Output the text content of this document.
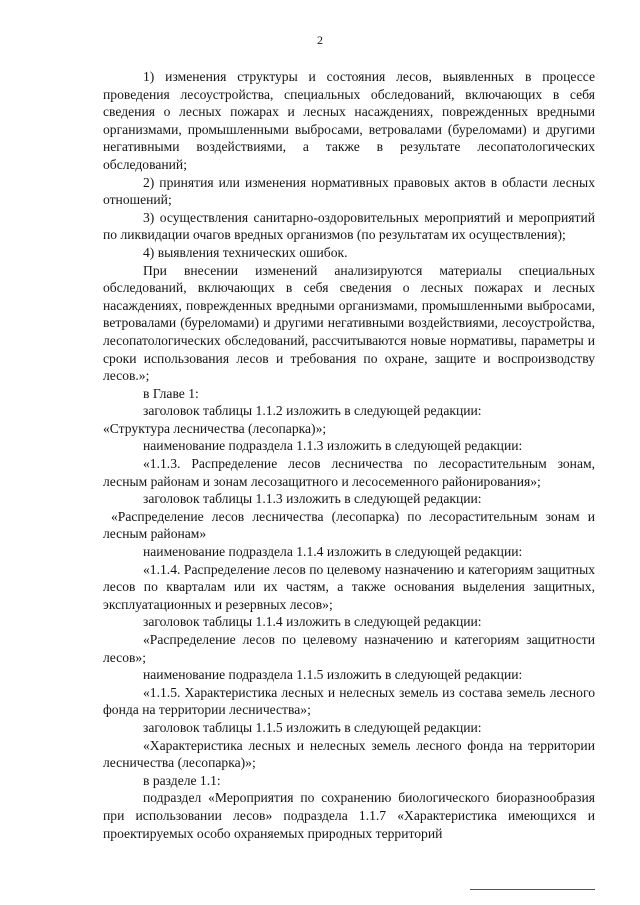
2

1) изменения структуры и состояния лесов, выявленных в процессе проведения лесоустройства, специальных обследований, включающих в себя сведения о лесных пожарах и лесных насаждениях, поврежденных вредными организмами, промышленными выбросами, ветровалами (буреломами) и другими негативными воздействиями, а также в результате лесопатологических обследований;

2) принятия или изменения нормативных правовых актов в области лесных отношений;

3) осуществления санитарно-оздоровительных мероприятий и мероприятий по ликвидации очагов вредных организмов (по результатам их осуществления);

4) выявления технических ошибок.

При внесении изменений анализируются материалы специальных обследований, включающих в себя сведения о лесных пожарах и лесных насаждениях, поврежденных вредными организмами, промышленными выбросами, ветровалами (буреломами) и другими негативными воздействиями, лесоустройства, лесопатологических обследований, рассчитываются новые нормативы, параметры и сроки использования лесов и требования по охране, защите и воспроизводству лесов.»;

в Главе 1:

заголовок таблицы 1.1.2 изложить в следующей редакции:

«Структура лесничества (лесопарка)»;

наименование подраздела 1.1.3 изложить в следующей редакции:

«1.1.3. Распределение лесов лесничества по лесорастительным зонам, лесным районам и зонам лесозащитного и лесосеменного районирования»;

заголовок таблицы 1.1.3 изложить в следующей редакции:

«Распределение лесов лесничества (лесопарка) по лесорастительным зонам и лесным районам»

наименование подраздела 1.1.4 изложить в следующей редакции:

«1.1.4. Распределение лесов по целевому назначению и категориям защитных лесов по кварталам или их частям, а также основания выделения защитных, эксплуатационных и резервных лесов»;

заголовок таблицы 1.1.4 изложить в следующей редакции:

«Распределение лесов по целевому назначению и категориям защитности лесов»;

наименование подраздела 1.1.5 изложить в следующей редакции:

«1.1.5. Характеристика лесных и нелесных земель из состава земель лесного фонда на территории лесничества»;

заголовок таблицы 1.1.5 изложить в следующей редакции:

«Характеристика лесных и нелесных земель лесного фонда на территории лесничества (лесопарка)»;

в разделе 1.1:

подраздел «Мероприятия по сохранению биологического биоразнообразия при использовании лесов» подраздела 1.1.7 «Характеристика имеющихся и проектируемых особо охраняемых природных территорий
